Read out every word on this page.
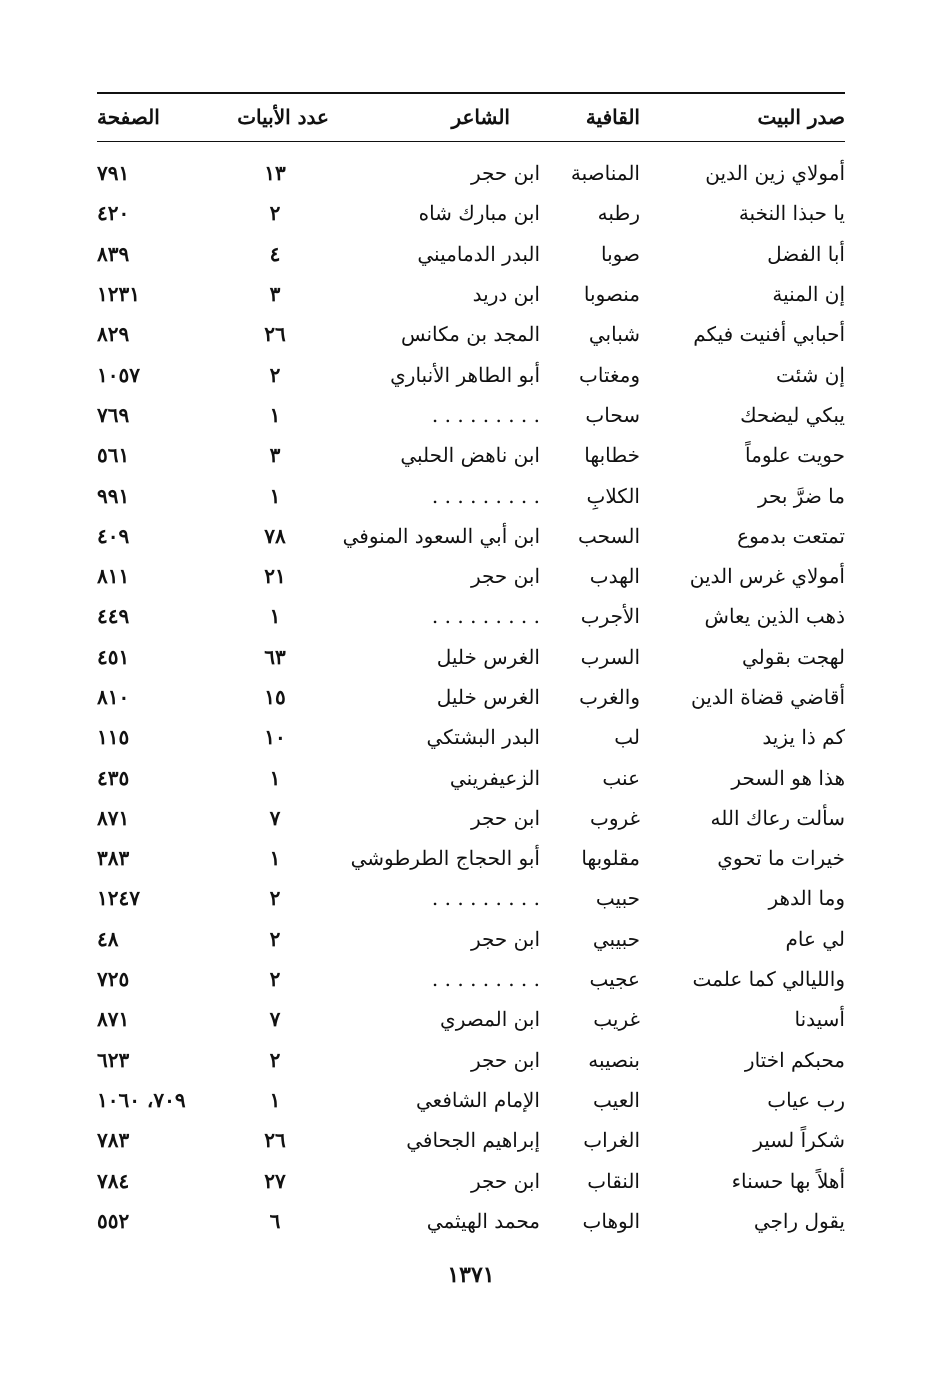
صدر البيت
القافية
الشاعر
عدد الأبيات
الصفحة
أمولاي زين الدين
المناصبة
ابن حجر
١٣
٧٩١
يا حبذا النخبة
رطبه
ابن مبارك شاه
٢
٤٢٠
أبا الفضل
صوبا
البدر الدماميني
٤
٨٣٩
إن المنية
منصوبا
ابن دريد
٣
١٢٣١
أحبابي أفنيت فيكم
شبابي
المجد بن مكانس
٢٦
٨٢٩
إن شئت
ومغتاب
أبو الطاهر الأنباري
٢
١٠٥٧
يبكي ليضحك
سحاب
. . . . . . . . .
١
٧٦٩
حويت علوماً
خطابها
ابن ناهض الحلبي
٣
٥٦١
ما ضرَّ بحر
الكلابِ
. . . . . . . . .
١
٩٩١
تمتعت بدموع
السحب
ابن أبي السعود المنوفي
٧٨
٤٠٩
أمولاي غرس الدين
الهدب
ابن حجر
٢١
٨١١
ذهب الذين يعاش
الأجرب
. . . . . . . . .
١
٤٤٩
لهجت بقولي
السرب
الغرس خليل
٦٣
٤٥١
أقاضي قضاة الدين
والغرب
الغرس خليل
١٥
٨١٠
كم ذا يزيد
لب
البدر البشتكي
١٠
١١٥
هذا هو السحر
عنب
الزعيفريني
١
٤٣٥
سألت رعاك الله
غروب
ابن حجر
٧
٨٧١
خيرات ما تحوي
مقلوبها
أبو الحجاج الطرطوشي
١
٣٨٣
وما الدهر
حبيب
. . . . . . . . .
٢
١٢٤٧
لي عام
حبيبي
ابن حجر
٢
٤٨
والليالي كما علمت
عجيب
. . . . . . . . .
٢
٧٢٥
أسيدنا
غريب
ابن المصري
٧
٨٧١
محبكم اختار
بنصيبه
ابن حجر
٢
٦٢٣
رب عياب
العيب
الإمام الشافعي
١
٧٠٩، ١٠٦٠
شكراً لسير
الغراب
إبراهيم الجحافي
٢٦
٧٨٣
أهلاً بها حسناء
النقاب
ابن حجر
٢٧
٧٨٤
يقول راجي
الوهاب
محمد الهيثمي
٦
٥٥٢
١٣٧١
